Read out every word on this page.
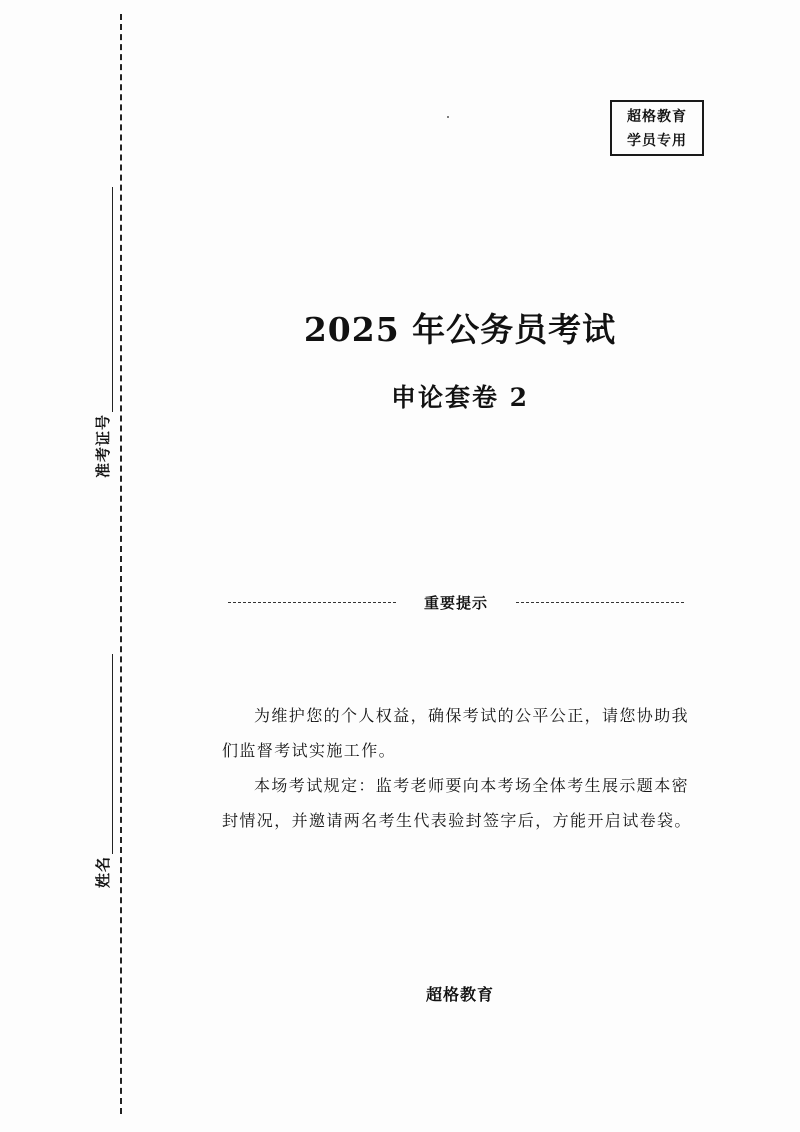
准考证号
姓名
超格教育
学员专用
2025 年公务员考试
申论套卷 2
重要提示

为维护您的个人权益，确保考试的公平公正，请您协助我们监督考试实施工作。

本场考试规定：监考老师要向本考场全体考生展示题本密封情况，并邀请两名考生代表验封签字后，方能开启试卷袋。

超格教育
